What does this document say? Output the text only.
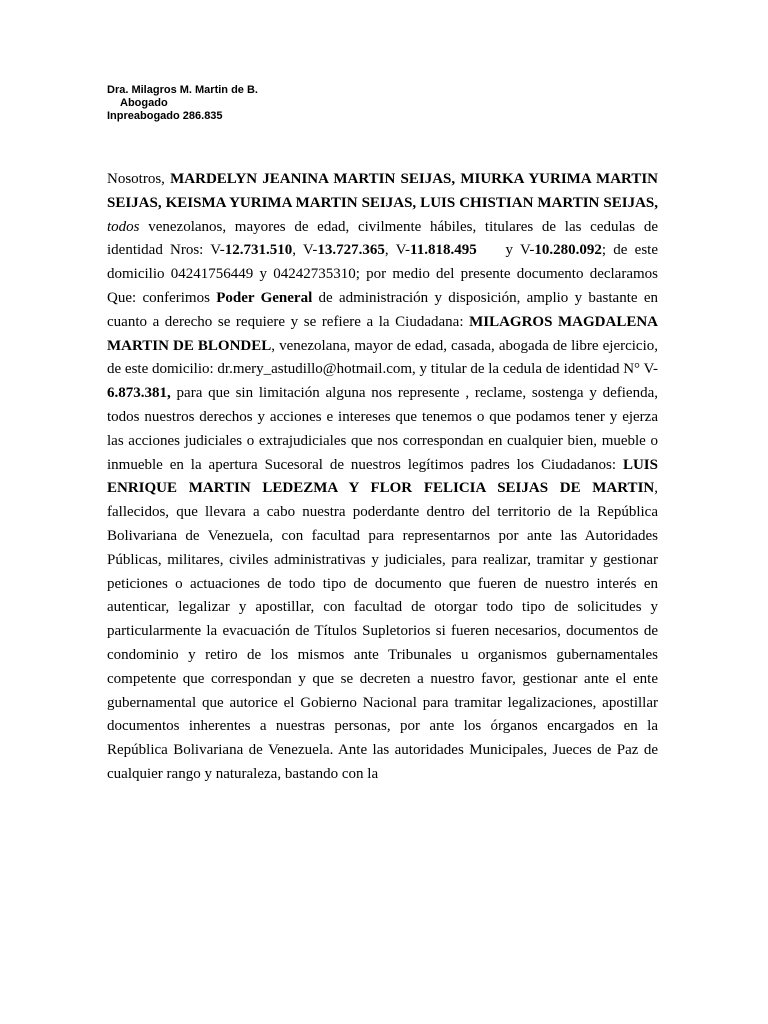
Dra. Milagros M. Martin de B.
Abogado
Inpreabogado 286.835
Nosotros, MARDELYN JEANINA MARTIN SEIJAS, MIURKA YURIMA MARTIN SEIJAS, KEISMA YURIMA MARTIN SEIJAS, LUIS CHISTIAN MARTIN SEIJAS, todos venezolanos, mayores de edad, civilmente hábiles, titulares de las cedulas de identidad Nros: V-12.731.510, V-13.727.365, V-11.818.495    y V-10.280.092; de este domicilio 04241756449 y 04242735310; por medio del presente documento declaramos Que: conferimos Poder General de administración y disposición, amplio y bastante en cuanto a derecho se requiere y se refiere a la Ciudadana: MILAGROS MAGDALENA MARTIN DE BLONDEL, venezolana, mayor de edad, casada, abogada de libre ejercicio, de este domicilio: dr.mery_astudillo@hotmail.com, y titular de la cedula de identidad N° V-6.873.381, para que sin limitación alguna nos represente , reclame, sostenga y defienda, todos nuestros derechos y acciones e intereses que tenemos o que podamos tener y ejerza las acciones judiciales o extrajudiciales que nos correspondan en cualquier bien, mueble o inmueble en la apertura Sucesoral de nuestros legítimos padres los Ciudadanos: LUIS ENRIQUE MARTIN LEDEZMA Y FLOR FELICIA SEIJAS DE MARTIN, fallecidos, que llevara a cabo nuestra poderdante dentro del territorio de la República Bolivariana de Venezuela, con facultad para representarnos por ante las Autoridades Públicas, militares, civiles administrativas y judiciales, para realizar, tramitar y gestionar peticiones o actuaciones de todo tipo de documento que fueren de nuestro interés en autenticar, legalizar y apostillar, con facultad de otorgar todo tipo de solicitudes y particularmente la evacuación de Títulos Supletorios si fueren necesarios, documentos de condominio y retiro de los mismos ante Tribunales u organismos gubernamentales competente que correspondan y que se decreten a nuestro favor, gestionar ante el ente gubernamental que autorice el Gobierno Nacional para tramitar legalizaciones, apostillar documentos inherentes a nuestras personas, por ante los órganos encargados en la República Bolivariana de Venezuela. Ante las autoridades Municipales, Jueces de Paz de cualquier rango y naturaleza, bastando con la
